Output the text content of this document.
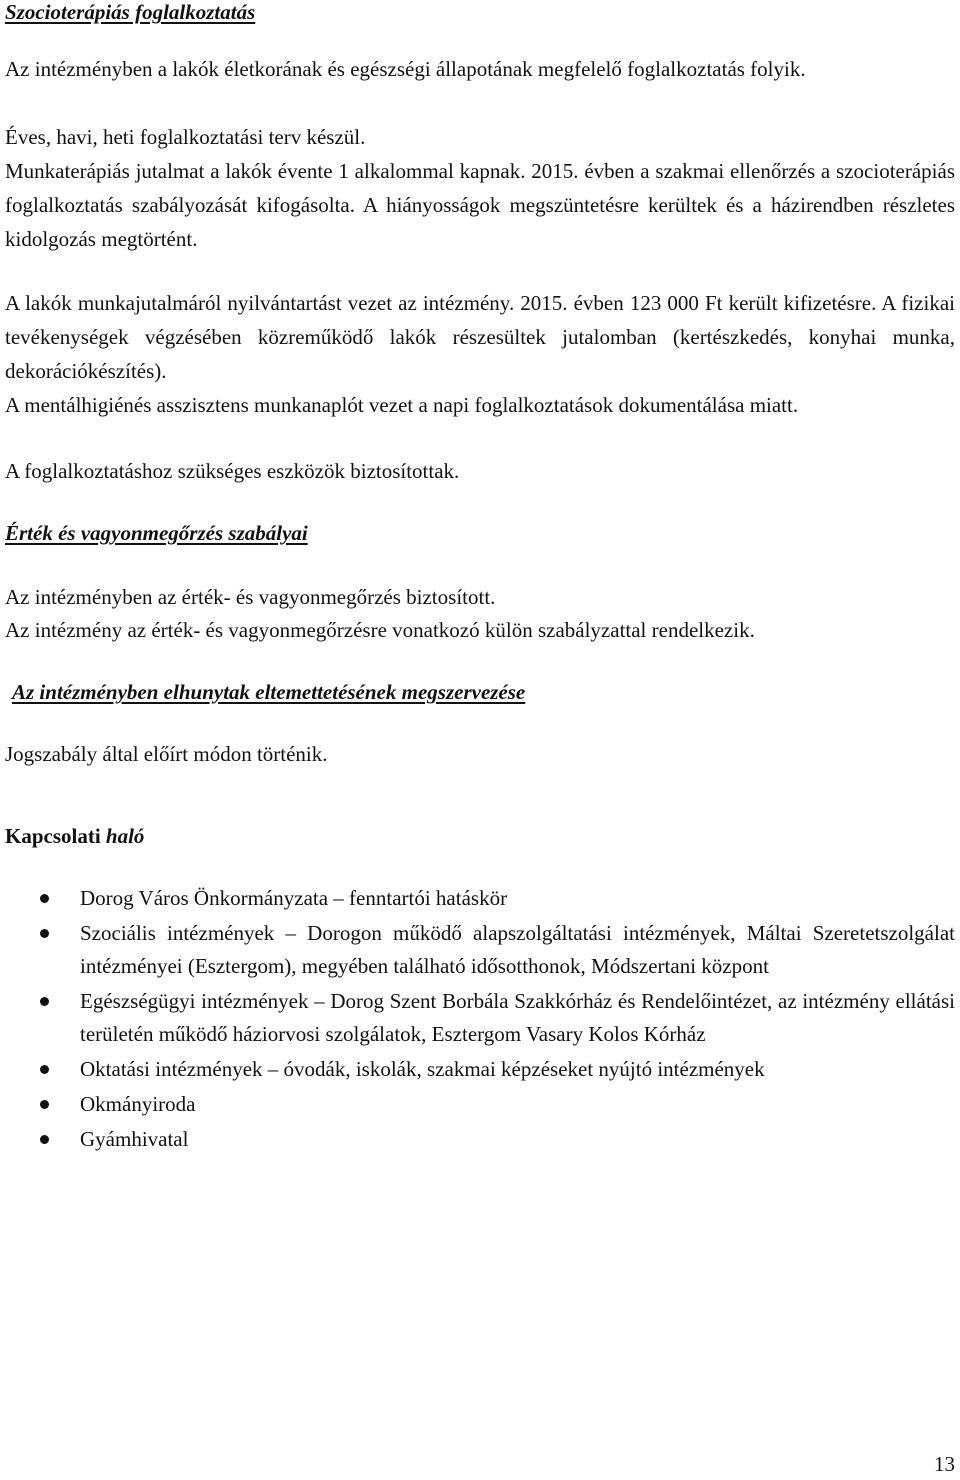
Szocioterápiás foglalkoztatás

Az intézményben a lakók életkorának és egészségi állapotának megfelelő foglalkoztatás folyik.

Éves, havi, heti foglalkoztatási terv készül.

Munkaterápiás jutalmat a lakók évente 1 alkalommal kapnak. 2015. évben a szakmai ellenőrzés a szocioterápiás foglalkoztatás szabályozását kifogásolta. A hiányosságok megszüntetésre kerültek és a házirendben részletes kidolgozás megtörtént.

A lakók munkajutalmáról nyilvántartást vezet az intézmény. 2015. évben 123 000 Ft került kifizetésre. A fizikai tevékenységek végzésében közreműködő lakók részesültek jutalomban (kertészkedés, konyhai munka, dekorációkészítés).

A mentálhigiénés asszisztens munkanaplót vezet a napi foglalkoztatások dokumentálása miatt.

A foglalkoztatáshoz szükséges eszközök biztosítottak.

Érték és vagyonmegőrzés szabályai

Az intézményben az érték- és vagyonmegőrzés biztosított.

Az intézmény az érték- és vagyonmegőrzésre vonatkozó külön szabályzattal rendelkezik.

Az intézményben elhunytak eltemettetésének megszervezése

Jogszabály által előírt módon történik.

Kapcsolati haló
Dorog Város Önkormányzata – fenntartói hatáskör
Szociális intézmények – Dorogon működő alapszolgáltatási intézmények, Máltai Szeretetszolgálat intézményei (Esztergom), megyében található idősotthonok, Módszertani központ
Egészségügyi intézmények – Dorog Szent Borbála Szakkórház és Rendelőintézet, az intézmény ellátási területén működő háziorvosi szolgálatok, Esztergom Vasary Kolos Kórház
Oktatási intézmények – óvodák, iskolák, szakmai képzéseket nyújtó intézmények
Okmányiroda
Gyámhivatal

13
